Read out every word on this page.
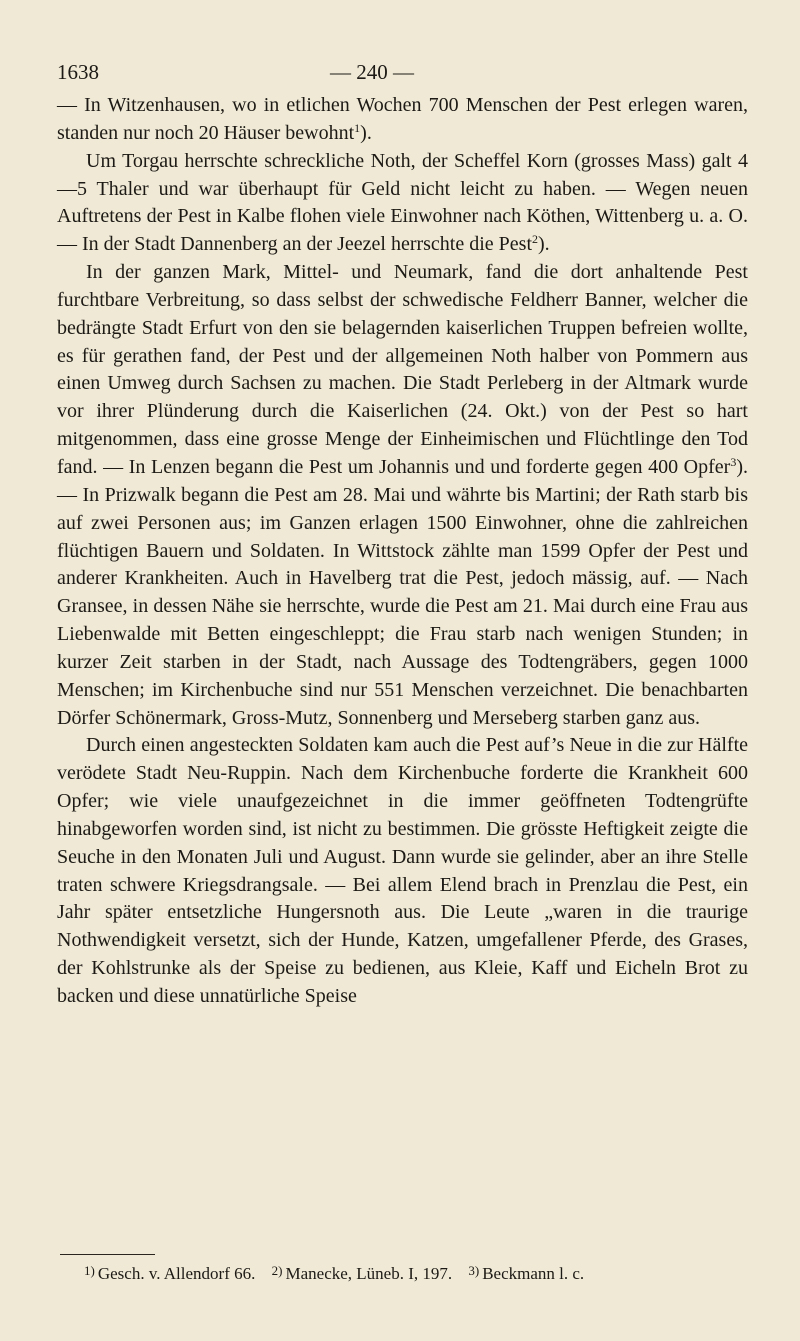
1638	— 240 —

— In Witzenhausen, wo in etlichen Wochen 700 Menschen der Pest erlegen waren, standen nur noch 20 Häuser bewohnt$^1$).

Um Torgau herrschte schreckliche Noth, der Scheffel Korn (grosses Mass) galt 4—5 Thaler und war überhaupt für Geld nicht leicht zu haben. — Wegen neuen Auftretens der Pest in Kalbe flohen viele Einwohner nach Köthen, Wittenberg u. a. O. — In der Stadt Dannenberg an der Jeezel herrschte die Pest$^2$).

In der ganzen Mark, Mittel- und Neumark, fand die dort anhaltende Pest furchtbare Verbreitung, so dass selbst der schwedische Feldherr Banner, welcher die bedrängte Stadt Erfurt von den sie belagernden kaiserlichen Truppen befreien wollte, es für gerathen fand, der Pest und der allgemeinen Noth halber von Pommern aus einen Umweg durch Sachsen zu machen. Die Stadt Perleberg in der Altmark wurde vor ihrer Plünderung durch die Kaiserlichen (24. Okt.) von der Pest so hart mitgenommen, dass eine grosse Menge der Einheimischen und Flüchtlinge den Tod fand. — In Lenzen begann die Pest um Johannis und und forderte gegen 400 Opfer$^3$). — In Prizwalk begann die Pest am 28. Mai und währte bis Martini; der Rath starb bis auf zwei Personen aus; im Ganzen erlagen 1500 Einwohner, ohne die zahlreichen flüchtigen Bauern und Soldaten. In Wittstock zählte man 1599 Opfer der Pest und anderer Krankheiten. Auch in Havelberg trat die Pest, jedoch mässig, auf. — Nach Gransee, in dessen Nähe sie herrschte, wurde die Pest am 21. Mai durch eine Frau aus Liebenwalde mit Betten eingeschleppt; die Frau starb nach wenigen Stunden; in kurzer Zeit starben in der Stadt, nach Aussage des Todtengräbers, gegen 1000 Menschen; im Kirchenbuche sind nur 551 Menschen verzeichnet. Die benachbarten Dörfer Schönermark, Gross-Mutz, Sonnenberg und Merseberg starben ganz aus.

Durch einen angesteckten Soldaten kam auch die Pest auf’s Neue in die zur Hälfte verödete Stadt Neu-Ruppin. Nach dem Kirchenbuche forderte die Krankheit 600 Opfer; wie viele unaufgezeichnet in die immer geöffneten Todtengrüfte hinabgeworfen worden sind, ist nicht zu bestimmen. Die grösste Heftigkeit zeigte die Seuche in den Monaten Juli und August. Dann wurde sie gelinder, aber an ihre Stelle traten schwere Kriegsdrangsale. — Bei allem Elend brach in Prenzlau die Pest, ein Jahr später entsetzliche Hungersnoth aus. Die Leute „waren in die traurige Nothwendigkeit versetzt, sich der Hunde, Katzen, umgefallener Pferde, des Grases, der Kohlstrunke als der Speise zu bedienen, aus Kleie, Kaff und Eicheln Brot zu backen und diese unnatürliche Speise

$^{1)}$ Gesch. v. Allendorf 66. $^{2)}$ Manecke, Lüneb. I, 197. $^{3)}$ Beckmann l. c.
